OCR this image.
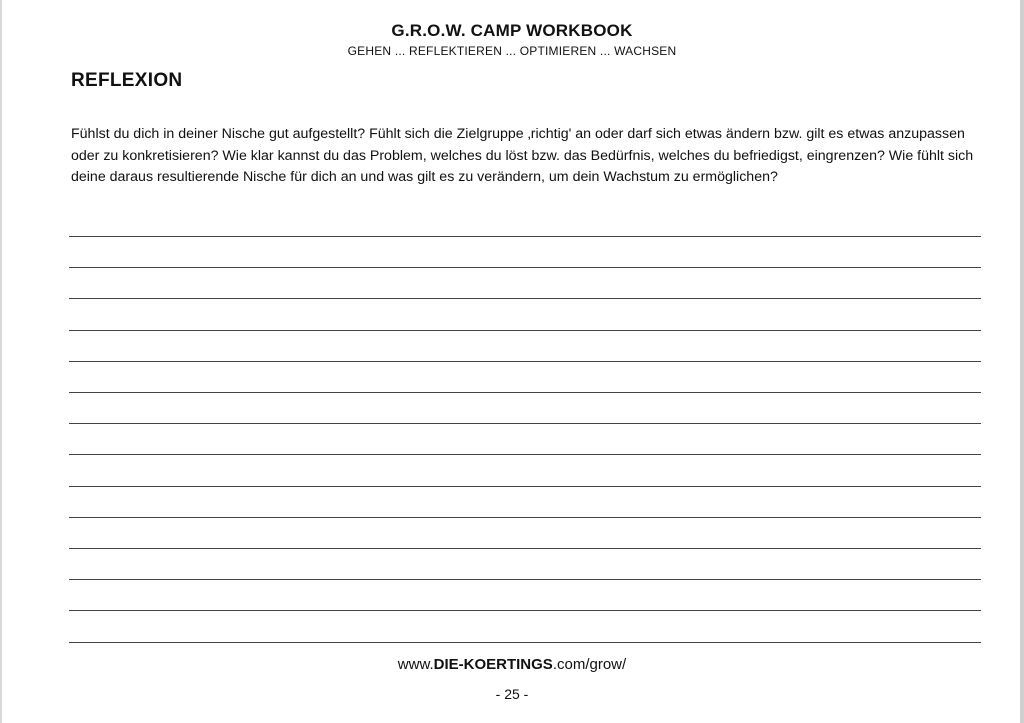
G.R.O.W. CAMP WORKBOOK
GEHEN ... REFLEKTIEREN ... OPTIMIEREN ... WACHSEN
REFLEXION

Fühlst du dich in deiner Nische gut aufgestellt? Fühlt sich die Zielgruppe ‚richtig' an oder darf sich etwas ändern bzw. gilt es etwas anzupassen oder zu konkretisieren? Wie klar kannst du das Problem, welches du löst bzw. das Bedürfnis, welches du befriedigst, eingrenzen? Wie fühlt sich deine daraus resultierende Nische für dich an und was gilt es zu verändern, um dein Wachstum zu ermöglichen?

www.DIE-KOERTINGS.com/grow/
- 25 -
